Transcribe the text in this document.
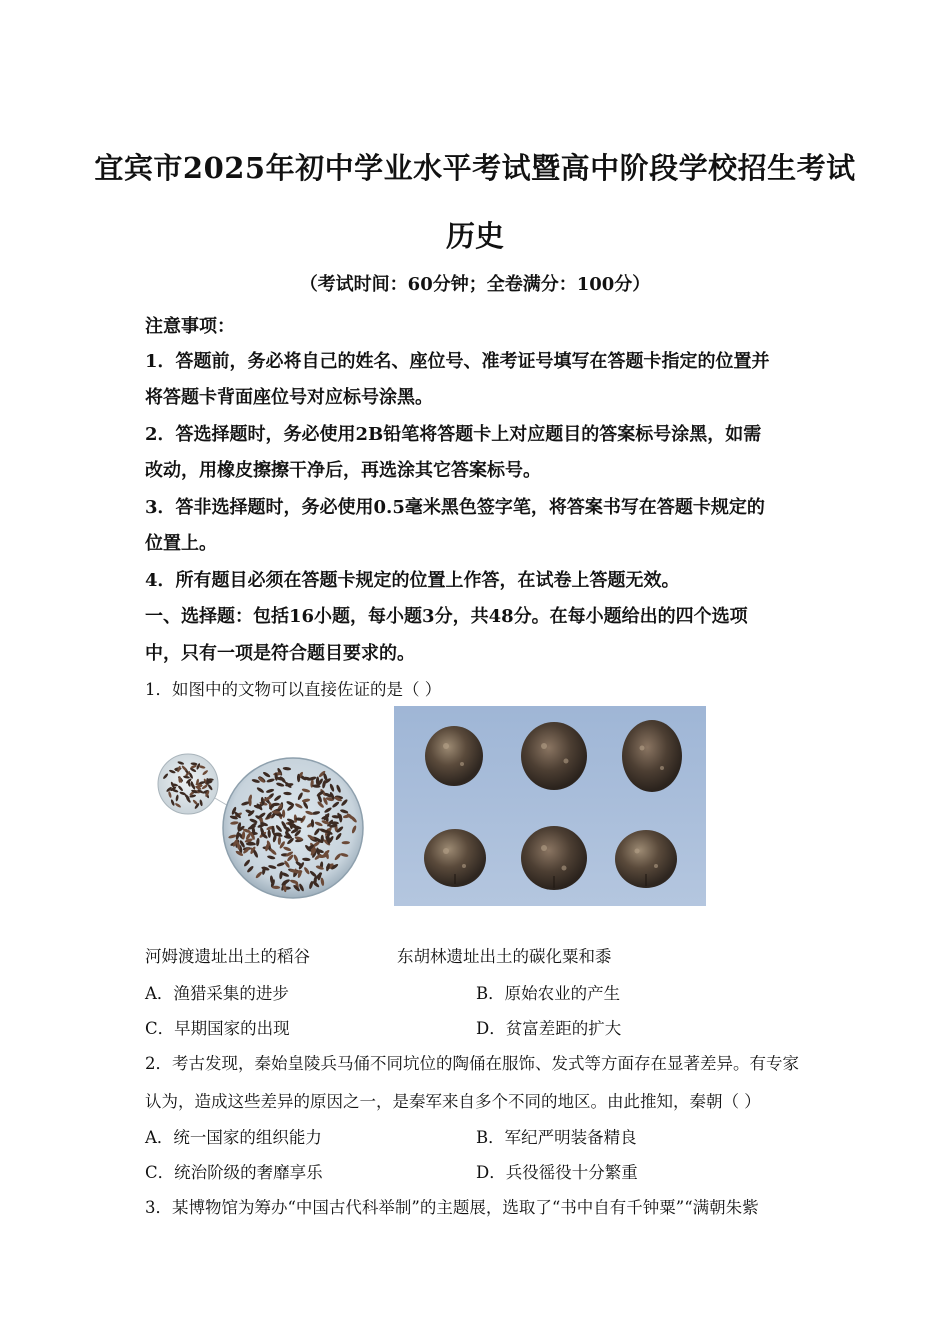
宜宾市2025年初中学业水平考试暨高中阶段学校招生考试
历史
（考试时间：60分钟；全卷满分：100分）
注意事项：
1．答题前，务必将自己的姓名、座位号、准考证号填写在答题卡指定的位置并
将答题卡背面座位号对应标号涂黑。
2．答选择题时，务必使用2B铅笔将答题卡上对应题目的答案标号涂黑，如需
改动，用橡皮擦擦干净后，再选涂其它答案标号。
3．答非选择题时，务必使用0.5毫米黑色签字笔，将答案书写在答题卡规定的
位置上。
4．所有题目必须在答题卡规定的位置上作答，在试卷上答题无效。
一、选择题：包括16小题，每小题3分，共48分。在每小题给出的四个选项
中，只有一项是符合题目要求的。
1．如图中的文物可以直接佐证的是（ ）
河姆渡遗址出土的稻谷	东胡林遗址出土的碳化粟和黍
A．渔猎采集的进步	B．原始农业的产生
C．早期国家的出现	D．贫富差距的扩大
2．考古发现，秦始皇陵兵马俑不同坑位的陶俑在服饰、发式等方面存在显著差异。有专家
认为，造成这些差异的原因之一，是秦军来自多个不同的地区。由此推知，秦朝（ ）
A．统一国家的组织能力	B．军纪严明装备精良
C．统治阶级的奢靡享乐	D．兵役徭役十分繁重
3．某博物馆为筹办“中国古代科举制”的主题展，选取了“书中自有千钟粟”“满朝朱紫
